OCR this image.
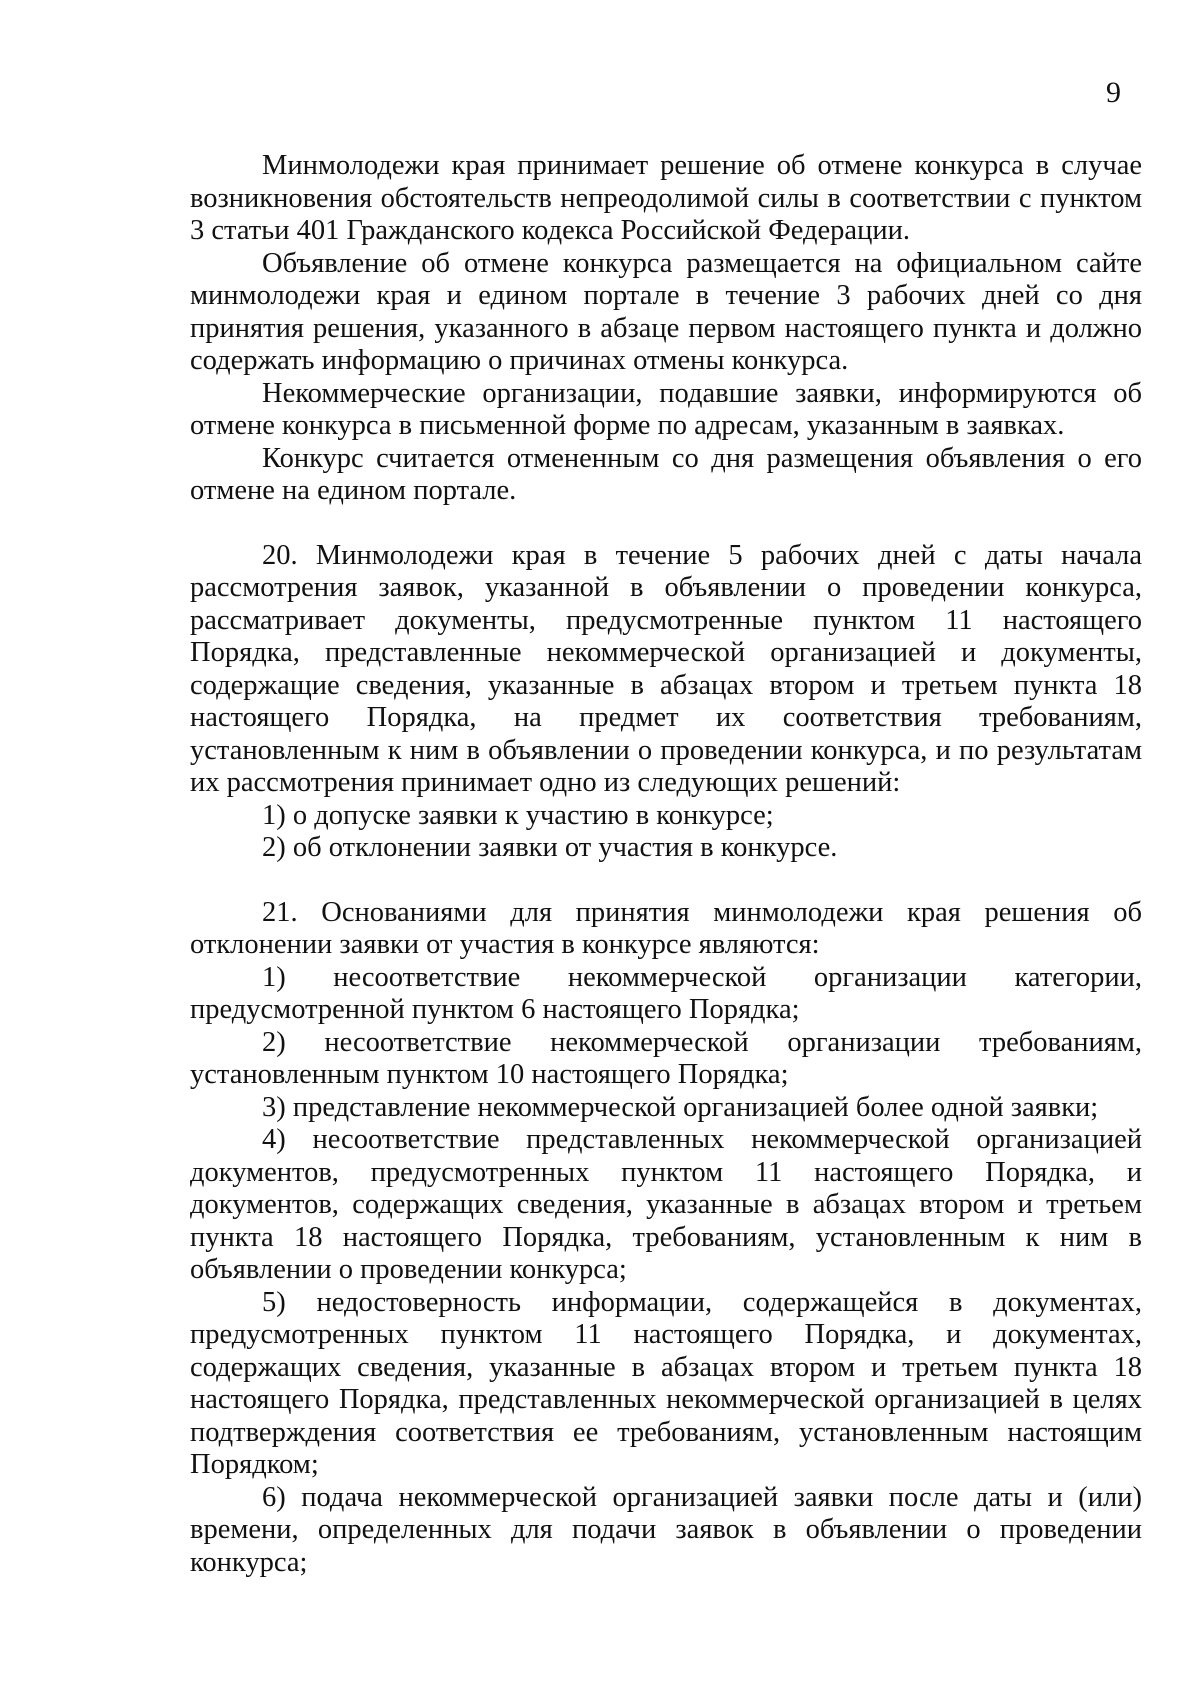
9

Минмолодежи края принимает решение об отмене конкурса в случае возникновения обстоятельств непреодолимой силы в соответствии с пунктом 3 статьи 401 Гражданского кодекса Российской Федерации.

Объявление об отмене конкурса размещается на официальном сайте минмолодежи края и едином портале в течение 3 рабочих дней со дня принятия решения, указанного в абзаце первом настоящего пункта и должно содержать информацию о причинах отмены конкурса.

Некоммерческие организации, подавшие заявки, информируются об отмене конкурса в письменной форме по адресам, указанным в заявках.

Конкурс считается отмененным со дня размещения объявления о его отмене на едином портале.

20. Минмолодежи края в течение 5 рабочих дней с даты начала рассмотрения заявок, указанной в объявлении о проведении конкурса, рассматривает документы, предусмотренные пунктом 11 настоящего Порядка, представленные некоммерческой организацией и документы, содержащие сведения, указанные в абзацах втором и третьем пункта 18 настоящего Порядка, на предмет их соответствия требованиям, установленным к ним в объявлении о проведении конкурса, и по результатам их рассмотрения принимает одно из следующих решений:

1) о допуске заявки к участию в конкурсе;

2) об отклонении заявки от участия в конкурсе.

21. Основаниями для принятия минмолодежи края решения об отклонении заявки от участия в конкурсе являются:

1) несоответствие некоммерческой организации категории, предусмотренной пунктом 6 настоящего Порядка;

2) несоответствие некоммерческой организации требованиям, установленным пунктом 10 настоящего Порядка;

3) представление некоммерческой организацией более одной заявки;

4) несоответствие представленных некоммерческой организацией документов, предусмотренных пунктом 11 настоящего Порядка, и документов, содержащих сведения, указанные в абзацах втором и третьем пункта 18 настоящего Порядка, требованиям, установленным к ним в объявлении о проведении конкурса;

5) недостоверность информации, содержащейся в документах, предусмотренных пунктом 11 настоящего Порядка, и документах, содержащих сведения, указанные в абзацах втором и третьем пункта 18 настоящего Порядка, представленных некоммерческой организацией в целях подтверждения соответствия ее требованиям, установленным настоящим Порядком;

6) подача некоммерческой организацией заявки после даты и (или) времени, определенных для подачи заявок в объявлении о проведении конкурса;
